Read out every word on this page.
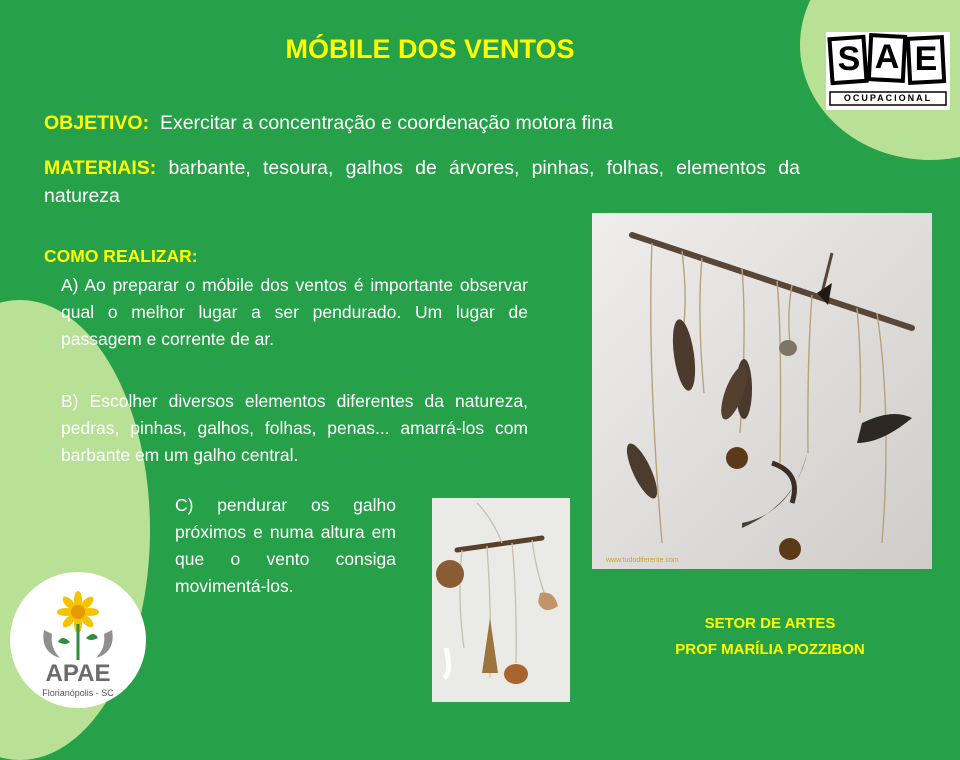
MÓBILE DOS VENTOS	S A E
OCUPACIONAL
OBJETIVO: Exercitar a concentração e coordenação motora fina
MATERIAIS: barbante, tesoura, galhos de árvores, pinhas, folhas, elementos da natureza
COMO REALIZAR:

A) Ao preparar o móbile dos ventos é importante observar qual o melhor lugar a ser pendurado. Um lugar de passagem e corrente de ar.

B) Escolher diversos elementos diferentes da natureza, pedras, pinhas, galhos, folhas, penas... amarrá-los com barbante em um galho central.

C) pendurar os galho próximos e numa altura em que o vento consiga movimentá-los.

www.tudodiferente.com
SETOR DE ARTES
PROF MARÍLIA POZZIBON
APAE
Florianópolis - SC
